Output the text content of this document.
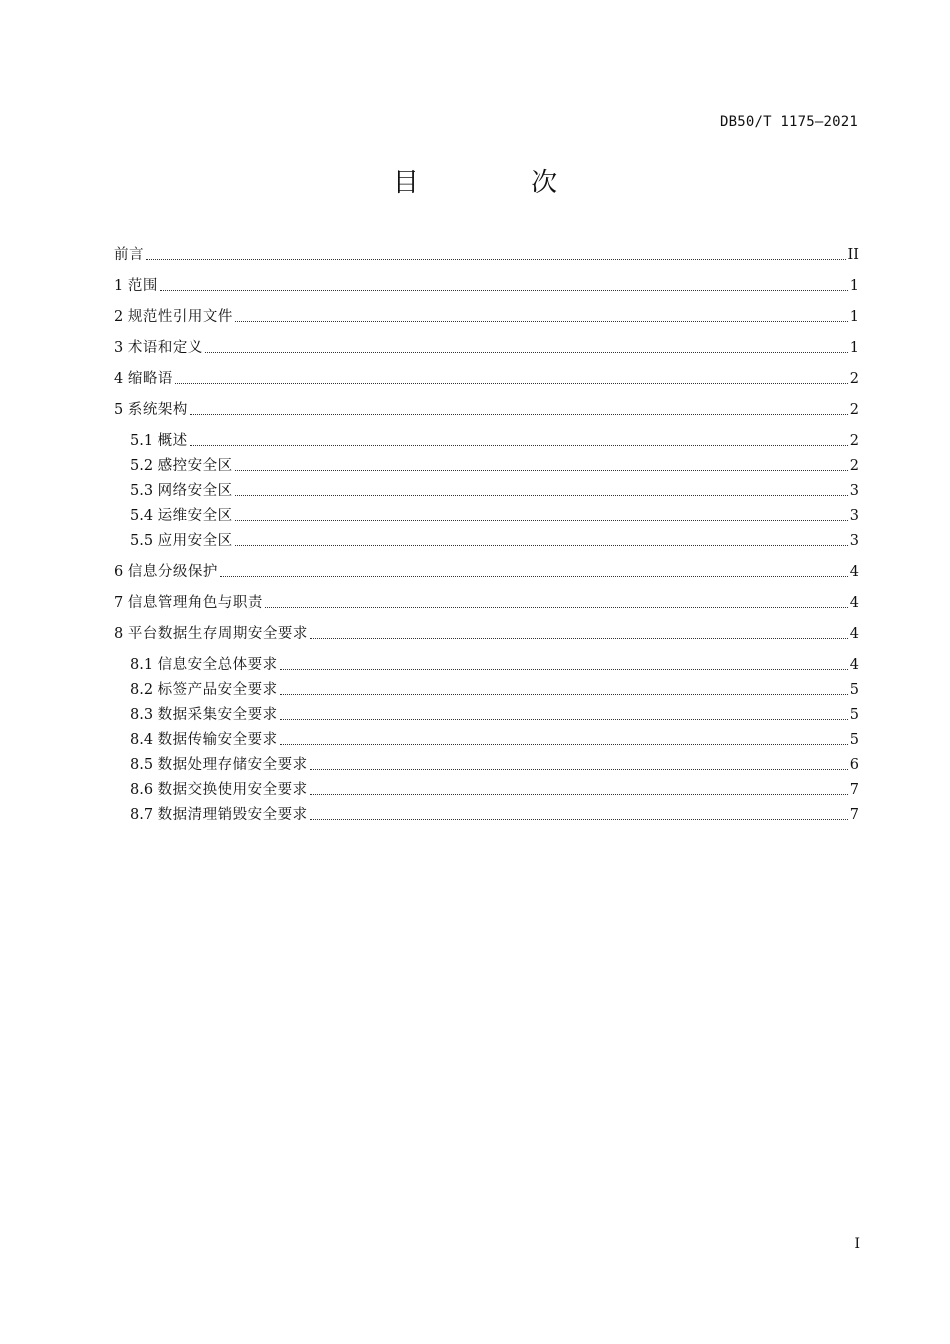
DB50/T 1175—2021
目 次
前言	II
1 范围	1
2 规范性引用文件	1
3 术语和定义	1
4 缩略语	2
5 系统架构	2
5.1 概述	2
5.2 感控安全区	2
5.3 网络安全区	3
5.4 运维安全区	3
5.5 应用安全区	3
6 信息分级保护	4
7 信息管理角色与职责	4
8 平台数据生存周期安全要求	4
8.1 信息安全总体要求	4
8.2 标签产品安全要求	5
8.3 数据采集安全要求	5
8.4 数据传输安全要求	5
8.5 数据处理存储安全要求	6
8.6 数据交换使用安全要求	7
8.7 数据清理销毁安全要求	7
I
